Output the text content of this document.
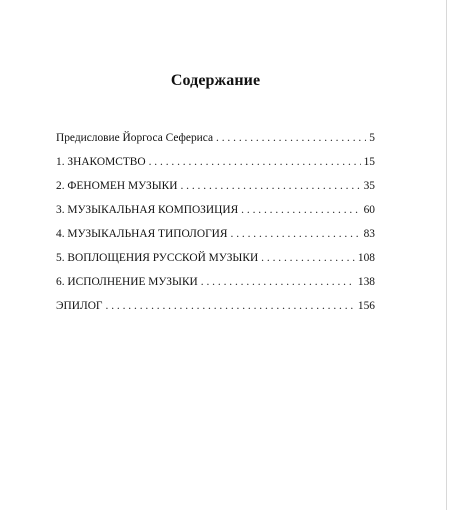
Содержание
Предисловие Йоргоса Сефериса . . .	5
1. ЗНАКОМСТВО . . .	15
2. ФЕНОМЕН МУЗЫКИ . . .	35
3. МУЗЫКАЛЬНАЯ КОМПОЗИЦИЯ . . .	60
4. МУЗЫКАЛЬНАЯ ТИПОЛОГИЯ . . .	83
5. ВОПЛОЩЕНИЯ РУССКОЙ МУЗЫКИ . . .	108
6. ИСПОЛНЕНИЕ МУЗЫКИ . . .	138
ЭПИЛОГ . . .	156
